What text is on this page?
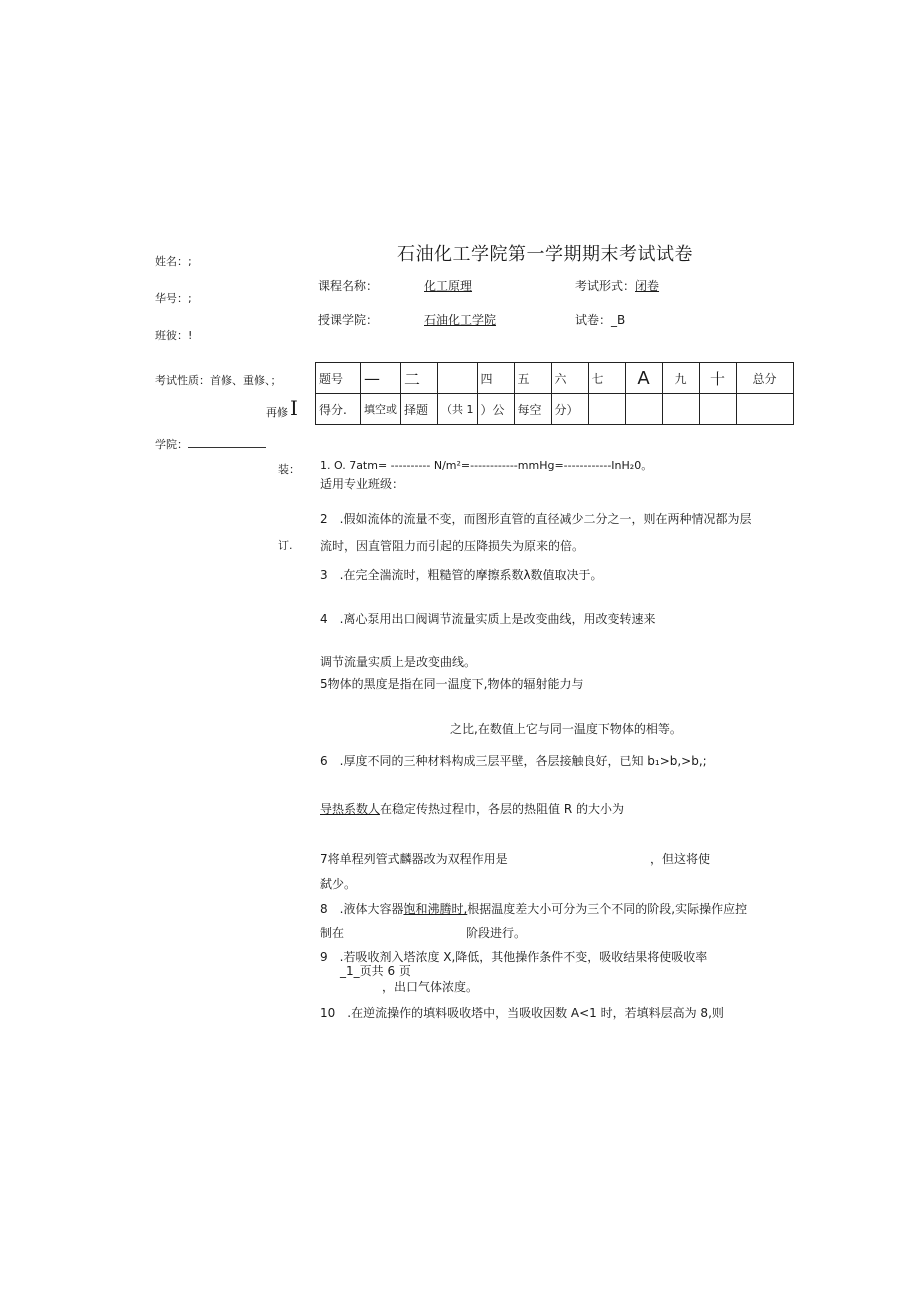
石油化工学院第一学期期末考试试卷
姓名：;
华号：;
班彼：!
考试性质：首修、重修、；
再修 I
学院：
装：
订.
课程名称：	化工原理	考试形式：闭卷
授课学院：	石油化工学院	试卷：_B
题号	—	二		四	五	六	七	A	九	十	总分
得分.	填空或	择题	（共 1	）公	每空	分）					
1. O. 7atm= ---------- N∕m²=------------mmHg=------------InH₂0。
适用专业班级：
2　.假如流体的流量不变，而图形直管的直径减少二分之一，则在两种情况都为层
流时，因直管阻力而引起的压降损失为原来的倍。
3　.在完全湍流时，粗糙管的摩擦系数λ数值取决于。
4　.离心泵用出口阀调节流量实质上是改变曲线，用改变转速来
调节流量实质上是改变曲线。
5物体的黑度是指在同一温度下,物体的辐射能力与
之比,在数值上它与同一温度下物体的相等。
6　.厚度不同的三种材料构成三层平壁，各层接触良好，已知 b₁>b,>b,;
导热系数人在稳定传热过程巾，各层的热阻值 R 的大小为
7将单程列管式麟器改为双程作用是	，但这将使
弑少。
8　.液体大容器饱和沸腾时,根据温度差大小可分为三个不同的阶段,实际操作应控
制在	阶段进行。
9　.若吸收剂入塔浓度 X,降低，其他操作条件不变，吸收结果将使吸收率
_1_页共 6 页
，出口气体浓度。
10　.在逆流操作的填料吸收塔中，当吸收因数 A<1 时，若填料层高为 8,则
